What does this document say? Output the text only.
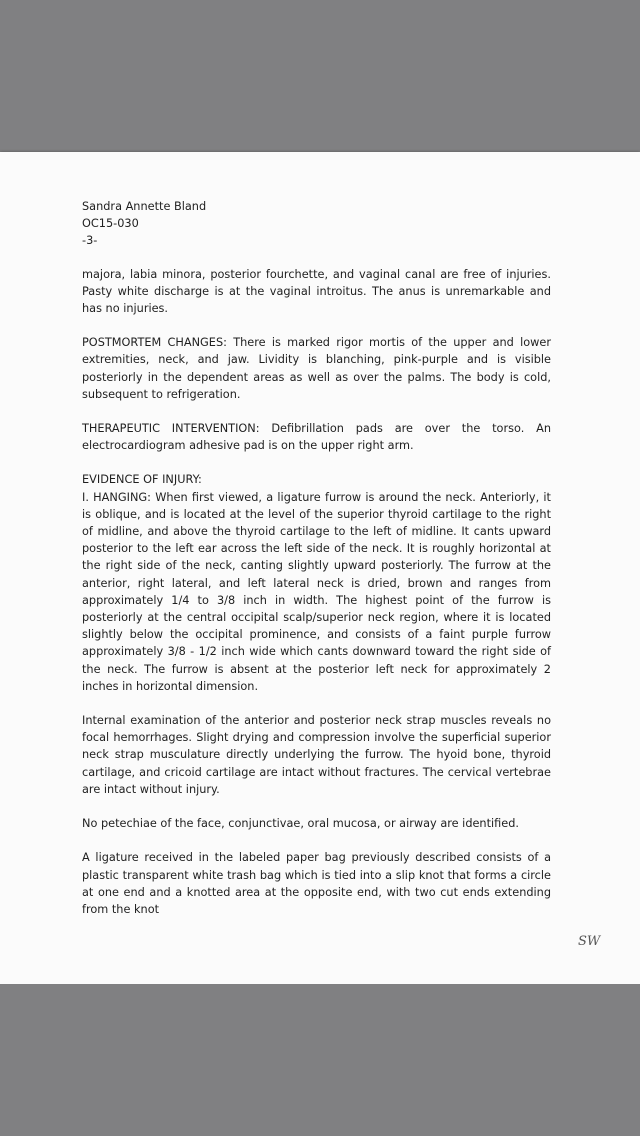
Sandra Annette Bland
OC15-030
-3-

majora, labia minora, posterior fourchette, and vaginal canal are free of injuries. Pasty white discharge is at the vaginal introitus. The anus is unremarkable and has no injuries.

POSTMORTEM CHANGES: There is marked rigor mortis of the upper and lower extremities, neck, and jaw. Lividity is blanching, pink-purple and is visible posteriorly in the dependent areas as well as over the palms. The body is cold, subsequent to refrigeration.

THERAPEUTIC INTERVENTION: Defibrillation pads are over the torso. An electrocardiogram adhesive pad is on the upper right arm.

EVIDENCE OF INJURY:

I. HANGING: When first viewed, a ligature furrow is around the neck. Anteriorly, it is oblique, and is located at the level of the superior thyroid cartilage to the right of midline, and above the thyroid cartilage to the left of midline. It cants upward posterior to the left ear across the left side of the neck. It is roughly horizontal at the right side of the neck, canting slightly upward posteriorly. The furrow at the anterior, right lateral, and left lateral neck is dried, brown and ranges from approximately 1/4 to 3/8 inch in width. The highest point of the furrow is posteriorly at the central occipital scalp/superior neck region, where it is located slightly below the occipital prominence, and consists of a faint purple furrow approximately 3/8 - 1/2 inch wide which cants downward toward the right side of the neck. The furrow is absent at the posterior left neck for approximately 2 inches in horizontal dimension.

Internal examination of the anterior and posterior neck strap muscles reveals no focal hemorrhages. Slight drying and compression involve the superficial superior neck strap musculature directly underlying the furrow. The hyoid bone, thyroid cartilage, and cricoid cartilage are intact without fractures. The cervical vertebrae are intact without injury.

No petechiae of the face, conjunctivae, oral mucosa, or airway are identified.

A ligature received in the labeled paper bag previously described consists of a plastic transparent white trash bag which is tied into a slip knot that forms a circle at one end and a knotted area at the opposite end, with two cut ends extending from the knot

SW
